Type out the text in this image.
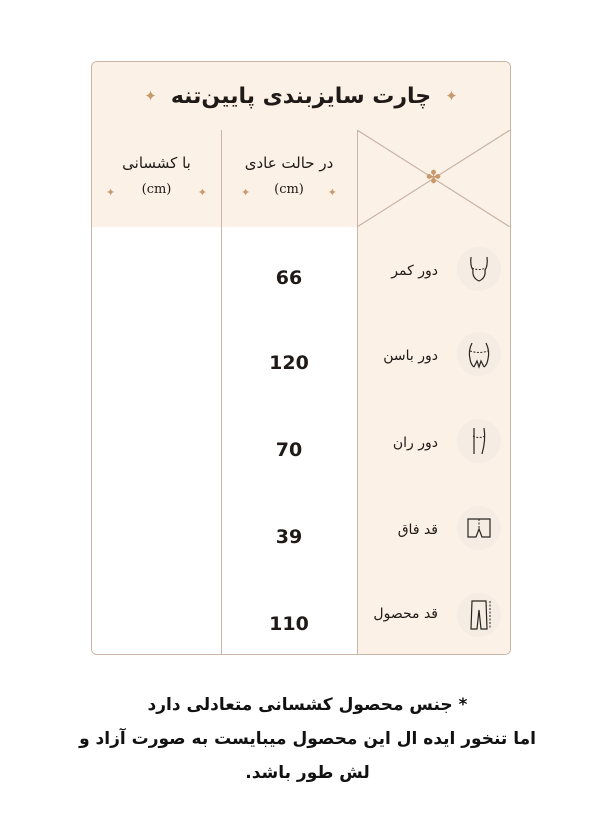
✦
چارت سایزبندی پایین‌تنه
✦
✤
در حالت عادی
(cm)
✦	✦
با کشسانی
(cm)
✦	✦
66	دور کمر
120	دور باسن
70	دور ران
39	قد فاق
110	قد محصول
* جنس محصول کشسانی متعادلی دارد
اما تنخور ایده ال این محصول میبایست به صورت آزاد و
لش طور باشد.
